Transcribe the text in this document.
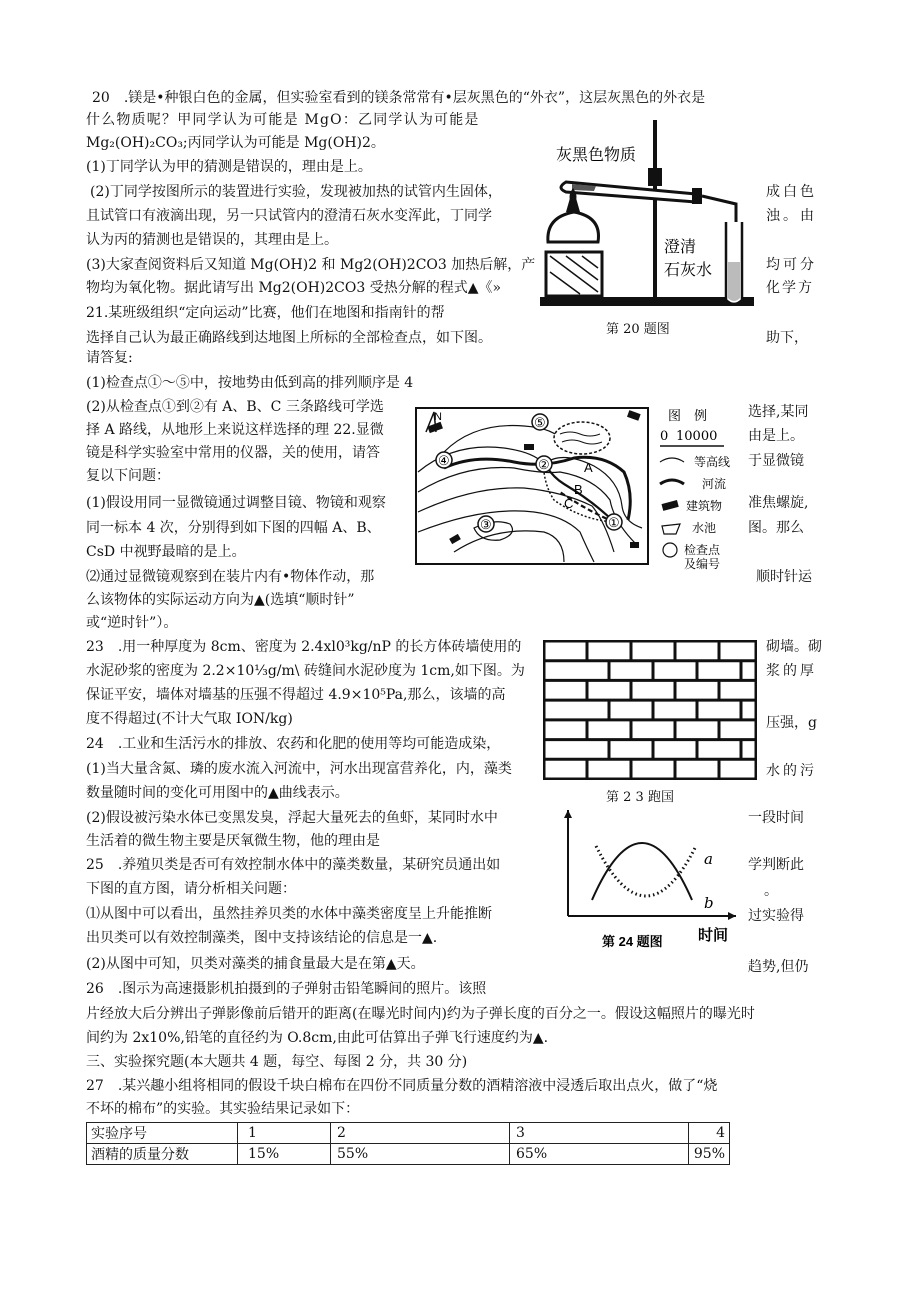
20　.镁是•种银白色的金属，但实验室看到的镁条常常有•层灰黑色的“外衣”，这层灰黑色的外衣是
什么物质呢？甲同学认为可能是 MgO：乙同学认为可能是
Mg₂(OH)₂CO₃;丙同学认为可能是 Mg(OH)2。
(1)丁同学认为甲的猜测是错误的，理由是上。
(2)丁同学按图所示的装置进行实验，发现被加热的试管内生固体，	成白色
且试管口有液滴出现，另一只试管内的澄清石灰水变浑此，丁同学	浊。由
认为丙的猜测也是错误的，其理由是上。
(3)大家查阅资料后又知道 Mg(OH)2 和 Mg2(OH)2CO3 加热后解，产	均可分
物均为氧化物。据此请写出 Mg2(OH)2CO3 受热分解的程式▲《»	化学方
灰黑色物质
澄清
石灰水
第 20 题图
21.某班级组织“定向运动”比赛，他们在地图和指南针的帮
选择自己认为最正确路线到达地图上所标的全部检查点，如下图。	助下，
请答复:
(1)检查点①～⑤中，按地势由低到高的排列顺序是 4
(2)从检查点①到②有 A、B、C 三条路线可学选	选择,某同
择 A 路线，从地形上来说这样选择的理 22.显微	由是上。
镜是科学实验室中常用的仪器，关的使用，请答	于显微镜
复以下问题：
(1)假设用同一显微镜通过调整目镜、物镜和观察	准焦螺旋,
同一标本 4 次，分别得到如下图的四幅 A、B、	图。那么
CsD 中视野最暗的是上。
⑵通过显微镜观察到在装片内有•物体作动，那	顺时针运
么该物体的实际运动方向为▲(选填“顺时针”
或“逆时针”）。
②
①
④
③
⑤
A
B
C
N	图　例
0 10000
等高线
河流
建筑物
水池
检查点
及编号
23　.用一种厚度为 8cm、密度为 2.4xl0³kg/nP 的长方体砖墙使用的	砌墙。砌
水泥砂浆的密度为 2.2×10⅓g/m\ 砖缝间水泥砂度为 1cm,如下图。为	浆的厚
保证平安，墙体对墙基的压强不得超过 4.9×10⁵Pa,那么，该墙的高
度不得超过(不计大气取 ION/kg)	压强，g
第 2 3 跑国
24　.工业和生活污水的排放、农药和化肥的使用等均可能造成染，
(1)当大量含氮、璘的废水流入河流中，河水出现富营养化，内，藻类	水的污
数量随时间的变化可用图中的▲曲线表示。
(2)假设被污染水体已变黑发臭，浮起大量死去的鱼虾，某同时水中	一段时间
生活着的微生物主要是厌氧微生物，他的理由是
25　.养殖贝类是否可有效控制水体中的藻类数量，某研究员通出如	学判断此
下图的直方图，请分析相关问题：	。
⑴从图中可以看出，虽然挂养贝类的水体中藻类密度呈上升能推断	过实验得
出贝类可以有效控制藻类，图中支持该结论的信息是一▲.
(2)从图中可知，贝类对藻类的捕食量最大是在第▲天。	趋势,但仍
26　.图示为高速摄影机拍摄到的子弹射击铅笔瞬间的照片。该照
片经放大后分辨出子弹影像前后错开的距离(在曝光时间内)约为子弹长度的百分之一。假设这幅照片的曝光时
间约为 2x10%,铅笔的直径约为 O.8cm,由此可估算出子弹飞行速度约为▲.
三、实验探究题(本大题共 4 题，每空、每图 2 分，共 30 分)
27　.某兴趣小组将相同的假设千块白棉布在四份不同质量分数的酒精溶液中浸透后取出点火，做了“烧
不坏的棉布”的实验。其实验结果记录如下：
a
b
第 24 题图 时间
实验序号	1	2	3	4
酒精的质量分数	15%	55%	65%	95%
